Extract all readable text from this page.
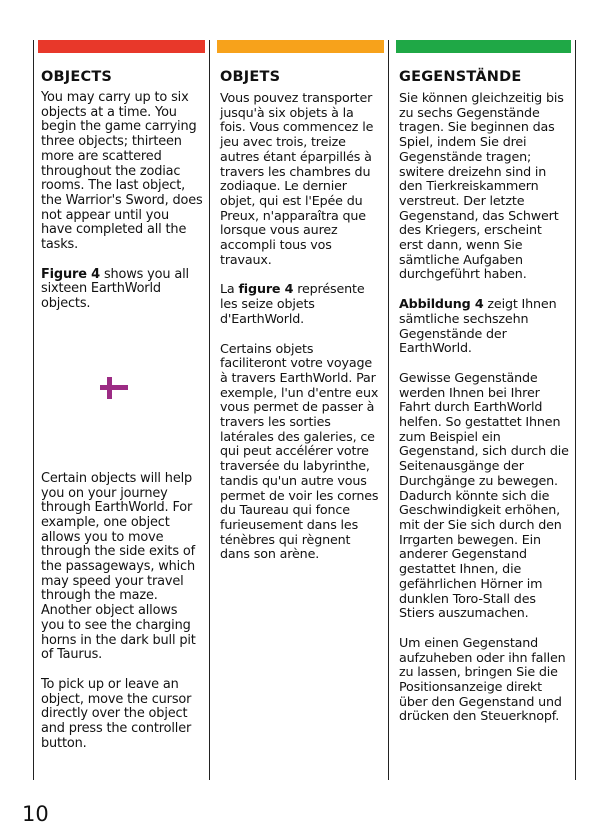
OBJECTS

You may carry up to six objects at a time. You begin the game carrying three objects; thirteen more are scattered throughout the zodiac rooms. The last object, the Warrior's Sword, does not appear until you have completed all the tasks.

Figure 4 shows you all sixteen EarthWorld objects.

Certain objects will help you on your journey through EarthWorld. For example, one object allows you to move through the side exits of the passageways, which may speed your travel through the maze. Another object allows you to see the charging horns in the dark bull pit of Taurus.

To pick up or leave an object, move the cursor directly over the object and press the controller button.

OBJETS

Vous pouvez transporter jusqu'à six objets à la fois. Vous commencez le jeu avec trois, treize autres étant éparpillés à travers les chambres du zodiaque. Le dernier objet, qui est l'Epée du Preux, n'apparaîtra que lorsque vous aurez accompli tous vos travaux.

La figure 4 représente les seize objets d'EarthWorld.

Certains objets faciliteront votre voyage à travers EarthWorld. Par exemple, l'un d'entre eux vous permet de passer à travers les sorties latérales des galeries, ce qui peut accélérer votre traversée du labyrinthe, tandis qu'un autre vous permet de voir les cornes du Taureau qui fonce furieusement dans les ténèbres qui règnent dans son arène.

GEGENSTÄNDE

Sie können gleichzeitig bis zu sechs Gegenstände tragen. Sie beginnen das Spiel, indem Sie drei Gegenstände tragen; switere dreizehn sind in den Tierkreiskammern verstreut. Der letzte Gegenstand, das Schwert des Kriegers, erscheint erst dann, wenn Sie sämtliche Aufgaben durchgeführt haben.

Abbildung 4 zeigt Ihnen sämtliche sechszehn Gegenstände der EarthWorld.

Gewisse Gegenstände werden Ihnen bei Ihrer Fahrt durch EarthWorld helfen. So gestattet Ihnen zum Beispiel ein Gegenstand, sich durch die Seitenausgänge der Durchgänge zu bewegen. Dadurch könnte sich die Geschwindigkeit erhöhen, mit der Sie sich durch den Irrgarten bewegen. Ein anderer Gegenstand gestattet Ihnen, die gefährlichen Hörner im dunklen Toro-Stall des Stiers auszumachen.

Um einen Gegenstand aufzuheben oder ihn fallen zu lassen, bringen Sie die Positionsanzeige direkt über den Gegenstand und drücken den Steuerknopf.

10
